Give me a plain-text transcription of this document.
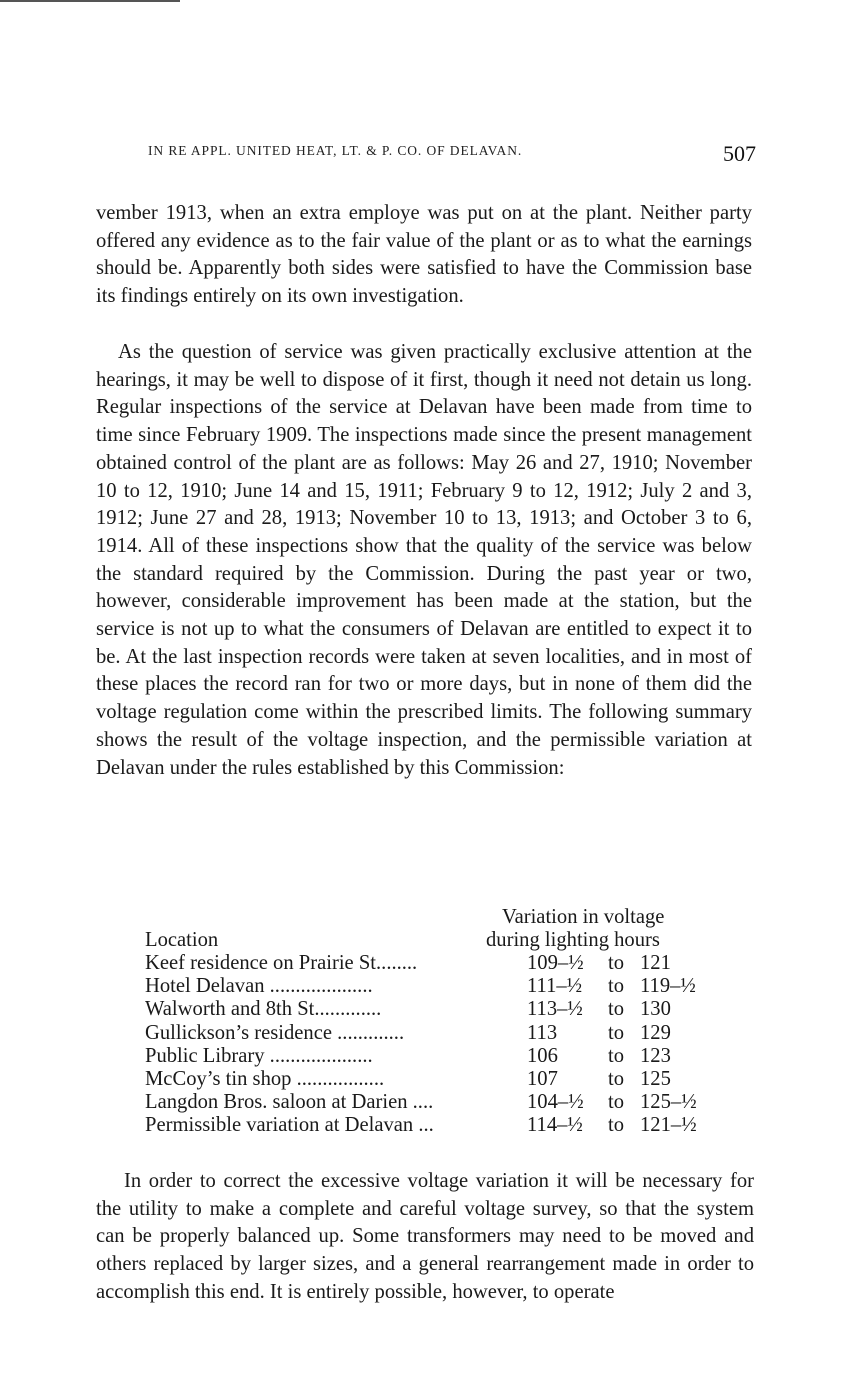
IN RE APPL. UNITED HEAT, LT. & P. CO. OF DELAVAN.	507

vember 1913, when an extra employe was put on at the plant. Neither party offered any evidence as to the fair value of the plant or as to what the earnings should be. Apparently both sides were satisfied to have the Commission base its findings entirely on its own investigation.

As the question of service was given practically exclusive attention at the hearings, it may be well to dispose of it first, though it need not detain us long. Regular inspections of the service at Delavan have been made from time to time since February 1909. The inspections made since the present management obtained control of the plant are as follows: May 26 and 27, 1910; November 10 to 12, 1910; June 14 and 15, 1911; February 9 to 12, 1912; July 2 and 3, 1912; June 27 and 28, 1913; November 10 to 13, 1913; and October 3 to 6, 1914. All of these inspections show that the quality of the service was below the standard required by the Commission. During the past year or two, however, considerable improvement has been made at the station, but the service is not up to what the consumers of Delavan are entitled to expect it to be. At the last inspection records were taken at seven localities, and in most of these places the record ran for two or more days, but in none of them did the voltage regulation come within the prescribed limits. The following summary shows the result of the voltage inspection, and the permissible variation at Delavan under the rules established by this Commission:

Variation in voltage
during lighting hours
Location
Keef residence on Prairie St........	109–½ to 121
Hotel Delavan ....................	111–½ to 119–½
Walworth and 8th St.............	113–½ to 130
Gullickson’s residence .............	113 to 129
Public Library ....................	106 to 123
McCoy’s tin shop .................	107 to 125
Langdon Bros. saloon at Darien ....	104–½ to 125–½
Permissible variation at Delavan ...	114–½ to 121–½

In order to correct the excessive voltage variation it will be necessary for the utility to make a complete and careful voltage survey, so that the system can be properly balanced up. Some transformers may need to be moved and others replaced by larger sizes, and a general rearrangement made in order to accomplish this end. It is entirely possible, however, to operate
